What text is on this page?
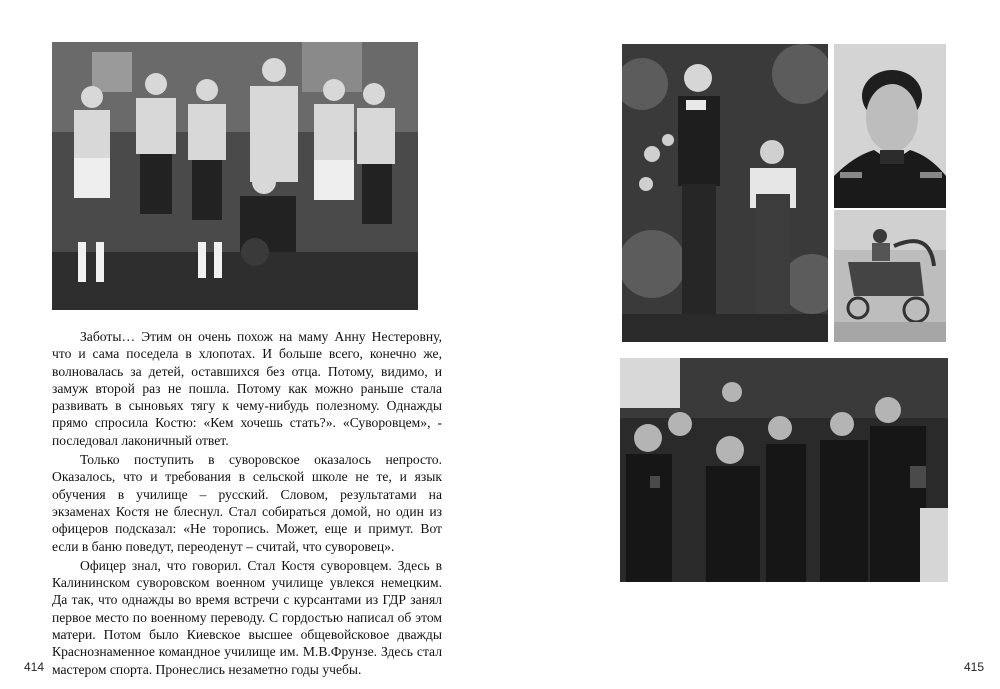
Заботы… Этим он очень похож на маму Анну Нестеровну, что и сама поседела в хлопотах. И больше всего, конечно же, волновалась за детей, оставшихся без отца. Потому, видимо, и замуж второй раз не пошла. Потому как можно раньше стала развивать в сыновьях тягу к чему-нибудь полезному. Однажды прямо спросила Костю: «Кем хочешь стать?». «Суворовцем», - последовал лаконичный ответ.

Только поступить в суворовское оказалось непросто. Оказалось, что и требования в сельской школе не те, и язык обучения в училище – русский. Словом, результатами на экзаменах Костя не блеснул. Стал собираться домой, но один из офицеров подсказал: «Не торопись. Может, еще и примут. Вот если в баню поведут, переоденут – считай, что суворовец».

Офицер знал, что говорил. Стал Костя суворовцем. Здесь в Калининском суворовском военном училище увлекся немецким. Да так, что однажды во время встречи с курсантами из ГДР занял первое место по военному переводу. С гордостью написал об этом матери. Потом было Киевское высшее общевойсковое дважды Краснознаменное командное училище им. М.В.Фрунзе. Здесь стал мастером спорта. Пронеслись незаметно годы учебы.

414	415
